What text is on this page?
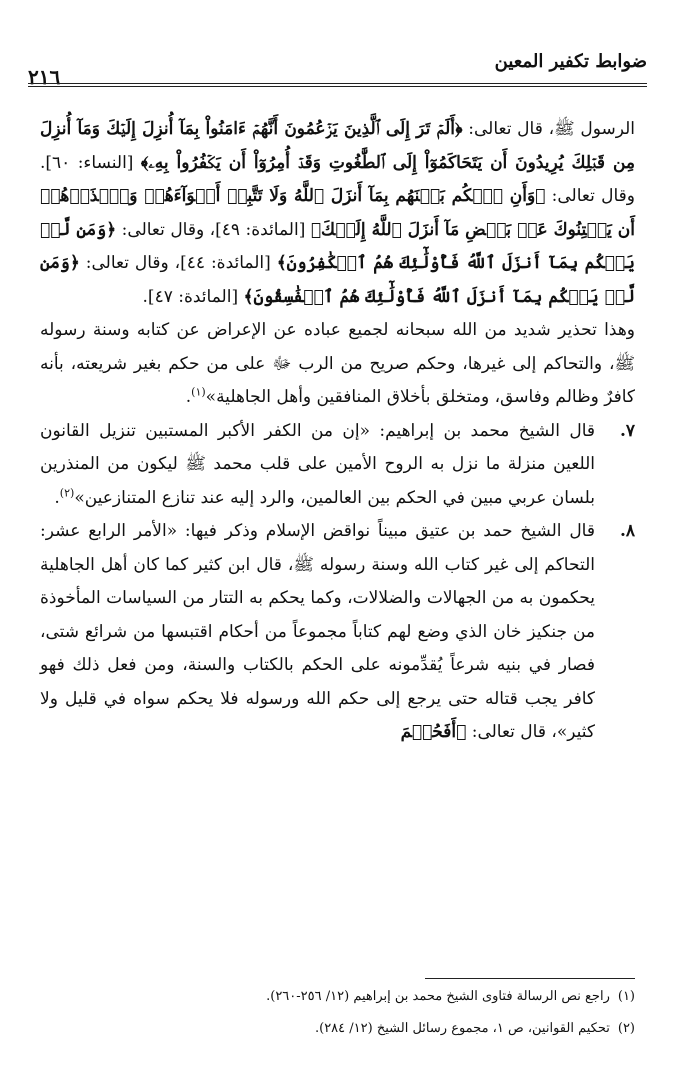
ضوابط تكفير المعين
٢١٦

الرسول ﷺ، قال تعالى: ﴿أَلَمۡ تَرَ إِلَى ٱلَّذِينَ يَزۡعُمُونَ أَنَّهُمۡ ءَامَنُواْ بِمَآ أُنزِلَ إِلَيۡكَ وَمَآ أُنزِلَ مِن قَبۡلِكَ يُرِيدُونَ أَن يَتَحَاكَمُوٓاْ إِلَى ٱلطَّٰغُوتِ وَقَدۡ أُمِرُوٓاْ أَن يَكۡفُرُواْ بِهِۦ﴾ [النساء: ٦٠]. وقال تعالى: ﴿وَأَنِ ٱحۡكُم بَيۡنَهُم بِمَآ أَنزَلَ ٱللَّهُ وَلَا تَتَّبِعۡ أَهۡوَآءَهُمۡ وَٱحۡذَرۡهُمۡ أَن يَفۡتِنُوكَ عَنۢ بَعۡضِ مَآ أَنزَلَ ٱللَّهُ إِلَيۡكَ﴾ [المائدة: ٤٩]، وقال تعالى: ﴿وَمَن لَّمۡ يَحۡكُم بِمَآ أَنزَلَ ٱللَّهُ فَأُوْلَٰٓئِكَ هُمُ ٱلۡكَٰفِرُونَ﴾ [المائدة: ٤٤]، وقال تعالى: ﴿وَمَن لَّمۡ يَحۡكُم بِمَآ أَنزَلَ ٱللَّهُ فَأُوْلَٰٓئِكَ هُمُ ٱلۡفَٰسِقُونَ﴾ [المائدة: ٤٧].

وهذا تحذير شديد من الله سبحانه لجميع عباده عن الإعراض عن كتابه وسنة رسوله ﷺ، والتحاكم إلى غيرها، وحكم صريح من الرب ﷻ على من حكم بغير شريعته، بأنه كافرٌ وظالم وفاسق، ومتخلق بأخلاق المنافقين وأهل الجاهلية»$^{(١)}$.

٧.

قال الشيخ محمد بن إبراهيم: «إن من الكفر الأكبر المستبين تنزيل القانون اللعين منزلة ما نزل به الروح الأمين على قلب محمد ﷺ ليكون من المنذرين بلسان عربي مبين في الحكم بين العالمين، والرد إليه عند تنازع المتنازعين»$^{(٢)}$.

٨.

قال الشيخ حمد بن عتيق مبيناً نواقض الإسلام وذكر فيها: «الأمر الرابع عشر: التحاكم إلى غير كتاب الله وسنة رسوله ﷺ، قال ابن كثير كما كان أهل الجاهلية يحكمون به من الجهالات والضلالات، وكما يحكم به التتار من السياسات المأخوذة من جنكيز خان الذي وضع لهم كتاباً مجموعاً من أحكام اقتبسها من شرائع شتى، فصار في بنيه شرعاً يُقدِّمونه على الحكم بالكتاب والسنة، ومن فعل ذلك فهو كافر يجب قتاله حتى يرجع إلى حكم الله ورسوله فلا يحكم سواه في قليل ولا كثير»، قال تعالى: ﴿أَفَحُكۡمَ

(١)راجع نص الرسالة فتاوى الشيخ محمد بن إبراهيم (١٢/ ٢٥٦-٢٦٠).

(٢)تحكيم القوانين، ص ١، مجموع رسائل الشيخ (١٢/ ٢٨٤).
